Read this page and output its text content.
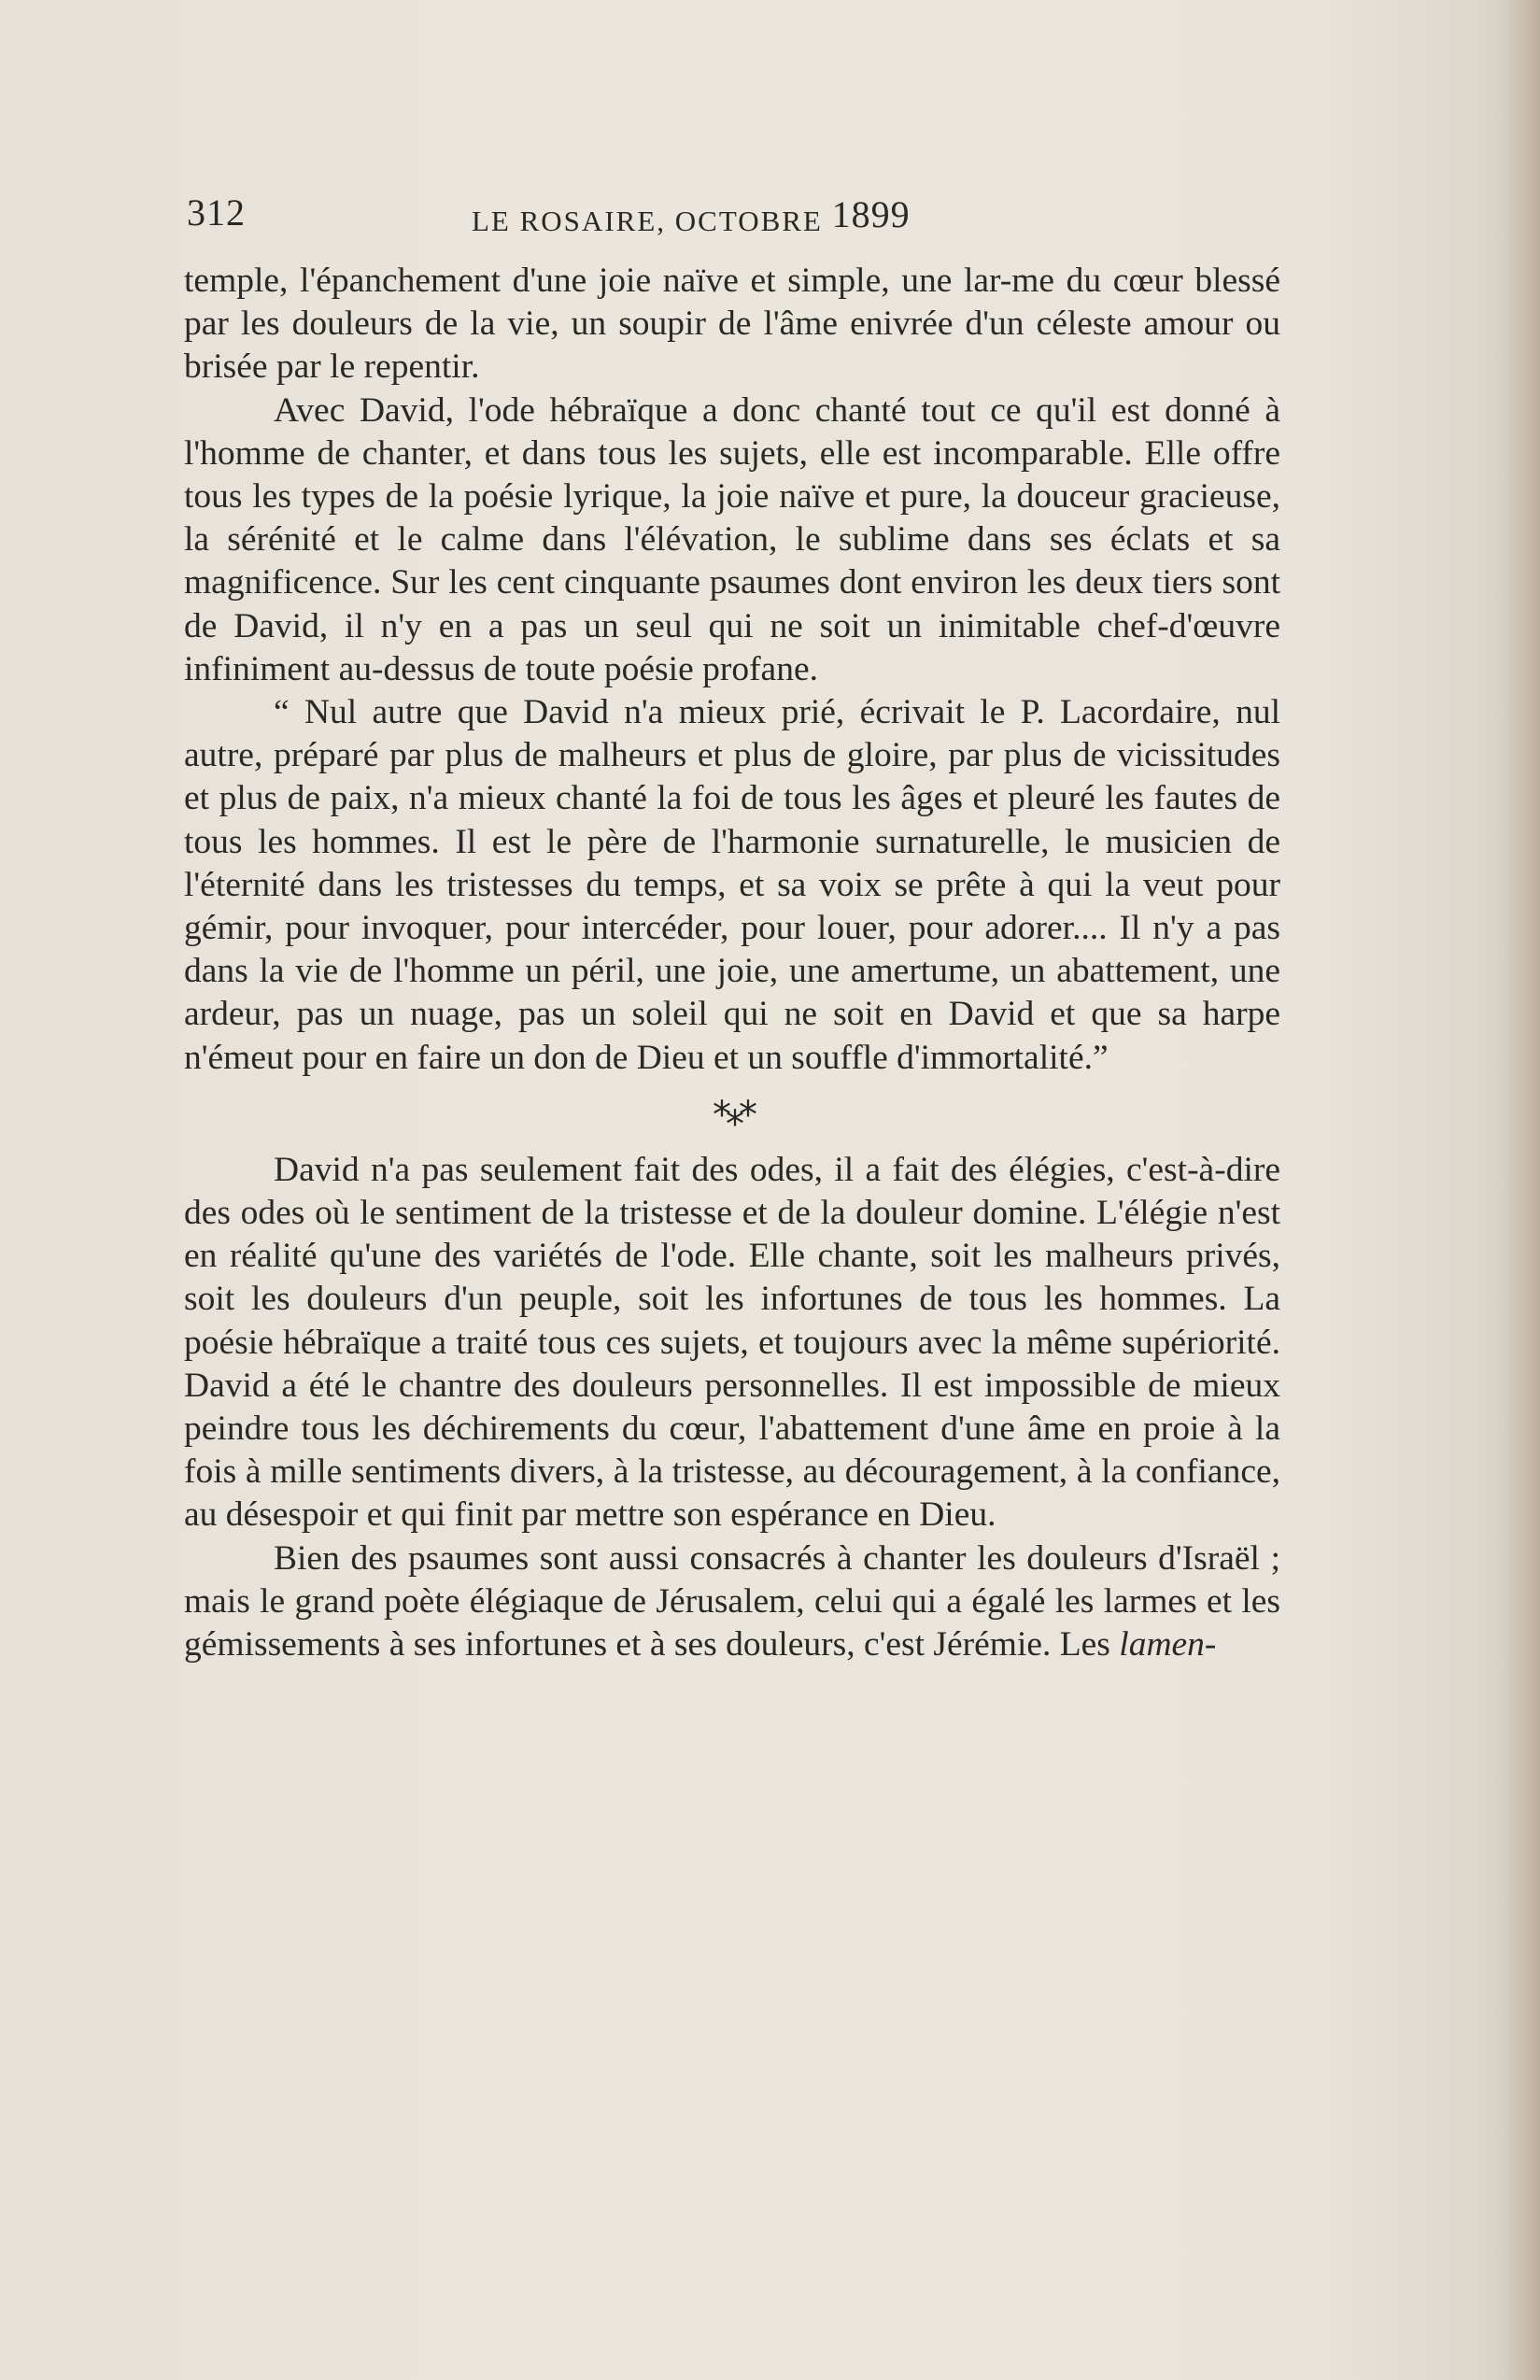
312	LE ROSAIRE, OCTOBRE 1899

temple, l'épanchement d'une joie naïve et simple, une lar-me du cœur blessé par les douleurs de la vie, un soupir de l'âme enivrée d'un céleste amour ou brisée par le repentir.

Avec David, l'ode hébraïque a donc chanté tout ce qu'il est donné à l'homme de chanter, et dans tous les sujets, elle est incomparable. Elle offre tous les types de la poésie lyrique, la joie naïve et pure, la douceur gracieuse, la sérénité et le calme dans l'élévation, le sublime dans ses éclats et sa magnificence. Sur les cent cinquante psaumes dont environ les deux tiers sont de David, il n'y en a pas un seul qui ne soit un inimitable chef-d'œuvre infiniment au-dessus de toute poésie profane.

“ Nul autre que David n'a mieux prié, écrivait le P. Lacordaire, nul autre, préparé par plus de malheurs et plus de gloire, par plus de vicissitudes et plus de paix, n'a mieux chanté la foi de tous les âges et pleuré les fautes de tous les hommes. Il est le père de l'harmonie surnaturelle, le musicien de l'éternité dans les tristesses du temps, et sa voix se prête à qui la veut pour gémir, pour invoquer, pour intercéder, pour louer, pour adorer.... Il n'y a pas dans la vie de l'homme un péril, une joie, une amertume, un abattement, une ardeur, pas un nuage, pas un soleil qui ne soit en David et que sa harpe n'émeut pour en faire un don de Dieu et un souffle d'immortalité.”

***

David n'a pas seulement fait des odes, il a fait des élégies, c'est-à-dire des odes où le sentiment de la tristesse et de la douleur domine. L'élégie n'est en réalité qu'une des variétés de l'ode. Elle chante, soit les malheurs privés, soit les douleurs d'un peuple, soit les infortunes de tous les hommes. La poésie hébraïque a traité tous ces sujets, et toujours avec la même supériorité. David a été le chantre des douleurs personnelles. Il est impossible de mieux peindre tous les déchirements du cœur, l'abattement d'une âme en proie à la fois à mille sentiments divers, à la tristesse, au découragement, à la confiance, au désespoir et qui finit par mettre son espérance en Dieu.

Bien des psaumes sont aussi consacrés à chanter les douleurs d'Israël ; mais le grand poète élégiaque de Jérusalem, celui qui a égalé les larmes et les gémissements à ses infortunes et à ses douleurs, c'est Jérémie. Les lamen-
